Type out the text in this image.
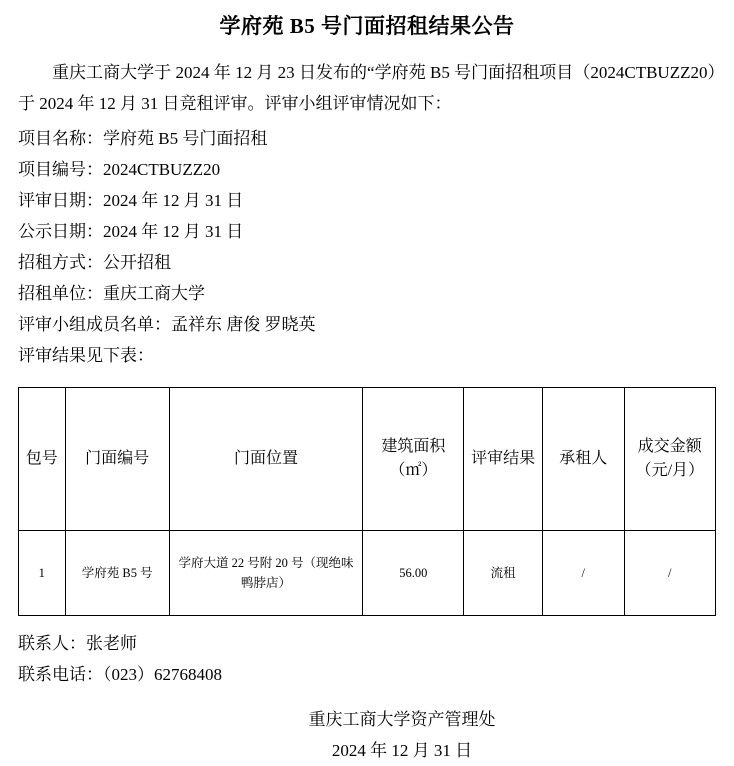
学府苑 B5 号门面招租结果公告

重庆工商大学于 2024 年 12 月 23 日发布的“学府苑 B5 号门面招租项目（2024CTBUZZ20）于 2024 年 12 月 31 日竞租评审。评审小组评审情况如下：

项目名称：学府苑 B5 号门面招租
项目编号：2024CTBUZZ20
评审日期：2024 年 12 月 31 日
公示日期：2024 年 12 月 31 日
招租方式：公开招租
招租单位：重庆工商大学
评审小组成员名单：孟祥东 唐俊 罗晓英
评审结果见下表：
包号	门面编号	门面位置	建筑面积（㎡）	评审结果	承租人	成交金额（元/月）
1	学府苑 B5 号	学府大道 22 号附 20 号（现绝味鸭脖店）	56.00	流租	/	/
联系人：张老师
联系电话：（023）62768408
重庆工商大学资产管理处
2024 年 12 月 31 日
